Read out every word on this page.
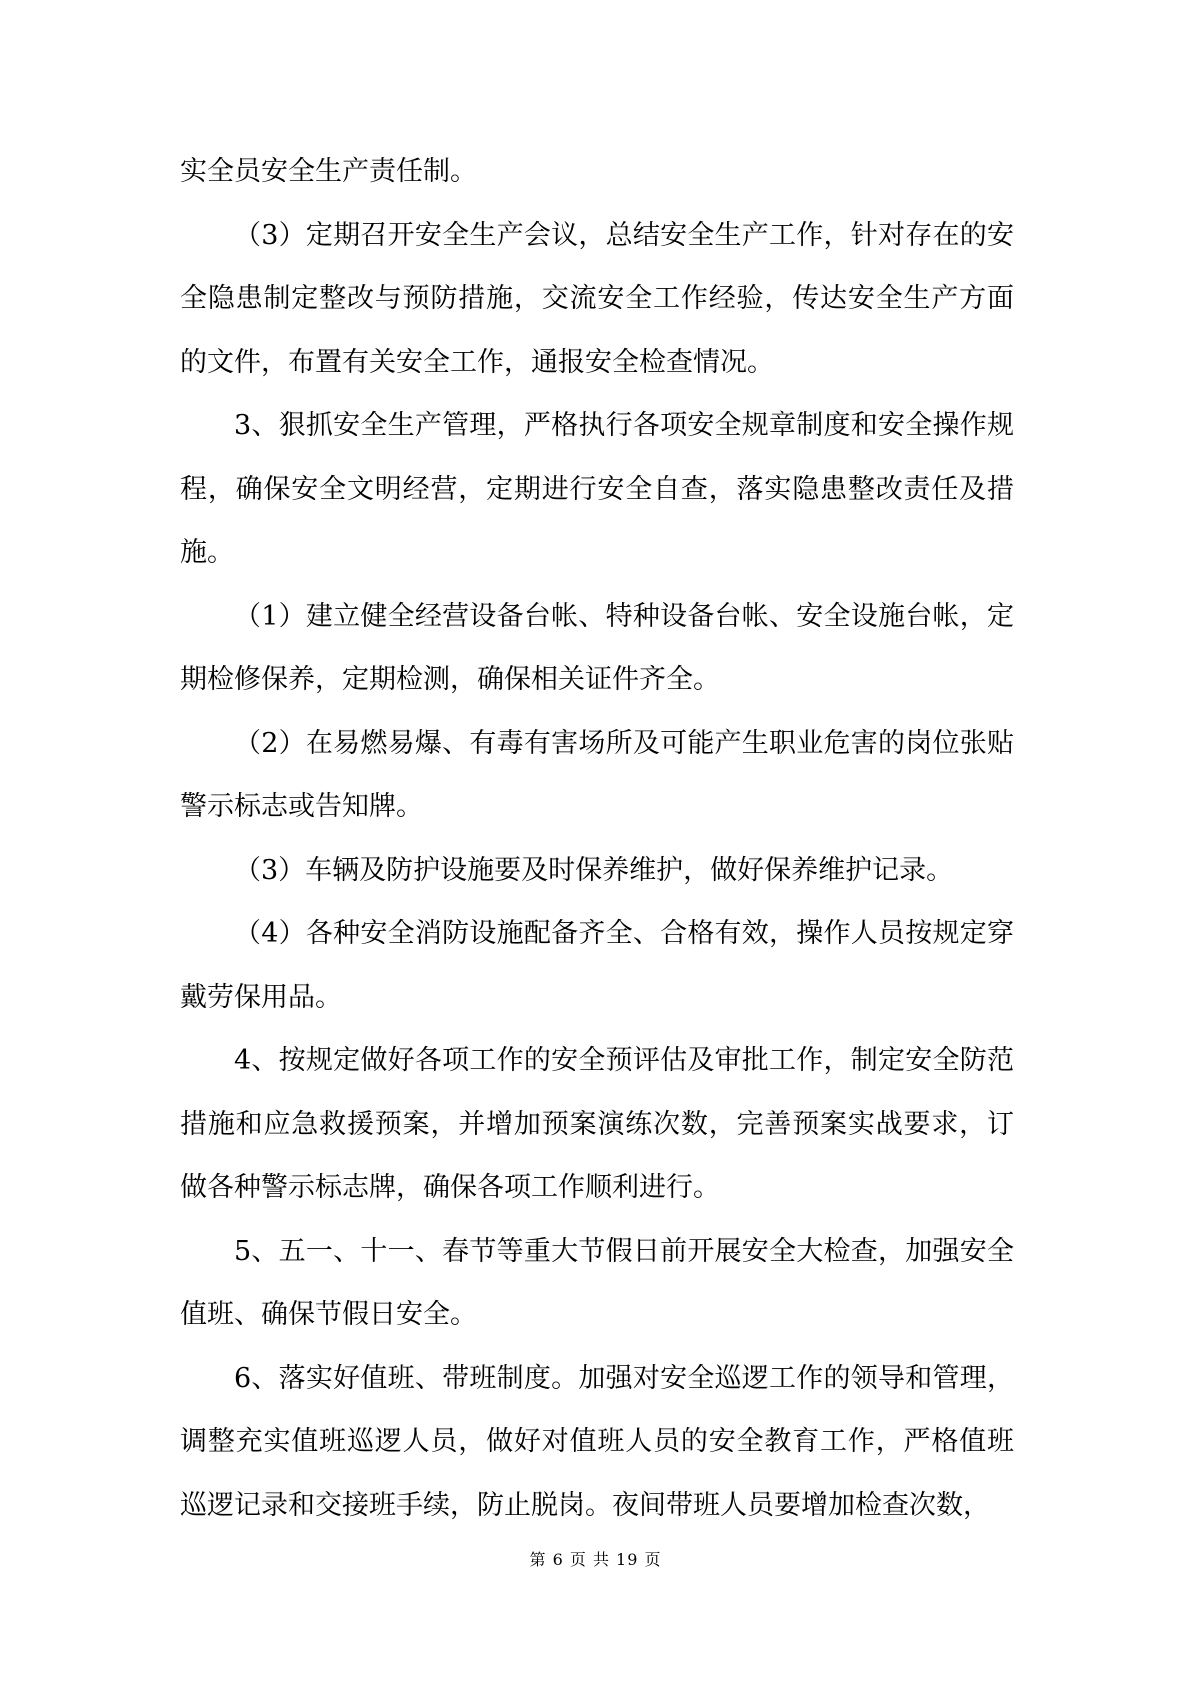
实全员安全生产责任制。

（3）定期召开安全生产会议，总结安全生产工作，针对存在的安全隐患制定整改与预防措施，交流安全工作经验，传达安全生产方面的文件，布置有关安全工作，通报安全检查情况。

3、狠抓安全生产管理，严格执行各项安全规章制度和安全操作规程，确保安全文明经营，定期进行安全自查，落实隐患整改责任及措施。

（1）建立健全经营设备台帐、特种设备台帐、安全设施台帐，定期检修保养，定期检测，确保相关证件齐全。

（2）在易燃易爆、有毒有害场所及可能产生职业危害的岗位张贴警示标志或告知牌。

（3）车辆及防护设施要及时保养维护，做好保养维护记录。

（4）各种安全消防设施配备齐全、合格有效，操作人员按规定穿戴劳保用品。

4、按规定做好各项工作的安全预评估及审批工作，制定安全防范措施和应急救援预案，并增加预案演练次数，完善预案实战要求，订做各种警示标志牌，确保各项工作顺利进行。

5、五一、十一、春节等重大节假日前开展安全大检查，加强安全值班、确保节假日安全。

6、落实好值班、带班制度。加强对安全巡逻工作的领导和管理，调整充实值班巡逻人员，做好对值班人员的安全教育工作，严格值班巡逻记录和交接班手续，防止脱岗。夜间带班人员要增加检查次数，

第 6 页 共 19 页
